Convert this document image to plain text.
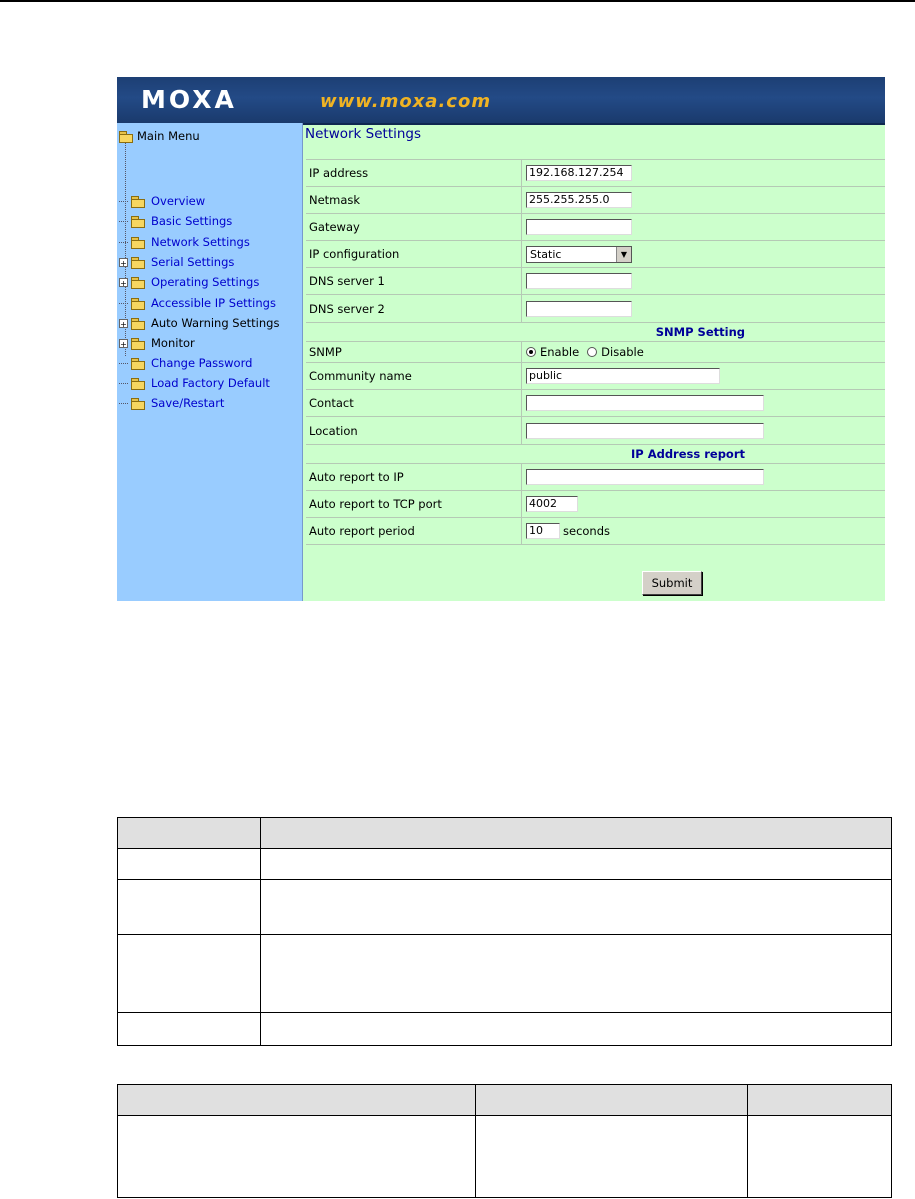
MOXA	www.moxa.com
Main Menu
Overview
Basic Settings
Network Settings
+ Serial Settings
+ Operating Settings
Accessible IP Settings
+ Auto Warning Settings
+ Monitor
Change Password
Load Factory Default
Save/Restart
Network Settings
IP address	192.168.127.254
Netmask	255.255.255.0
Gateway
IP configuration	Static	▼
DNS server 1
DNS server 2
SNMP Setting
SNMP	Enable Disable
Community name	public
Contact
Location
IP Address report
Auto report to IP
Auto report to TCP port	4002
Auto report period	10	seconds
Submit
